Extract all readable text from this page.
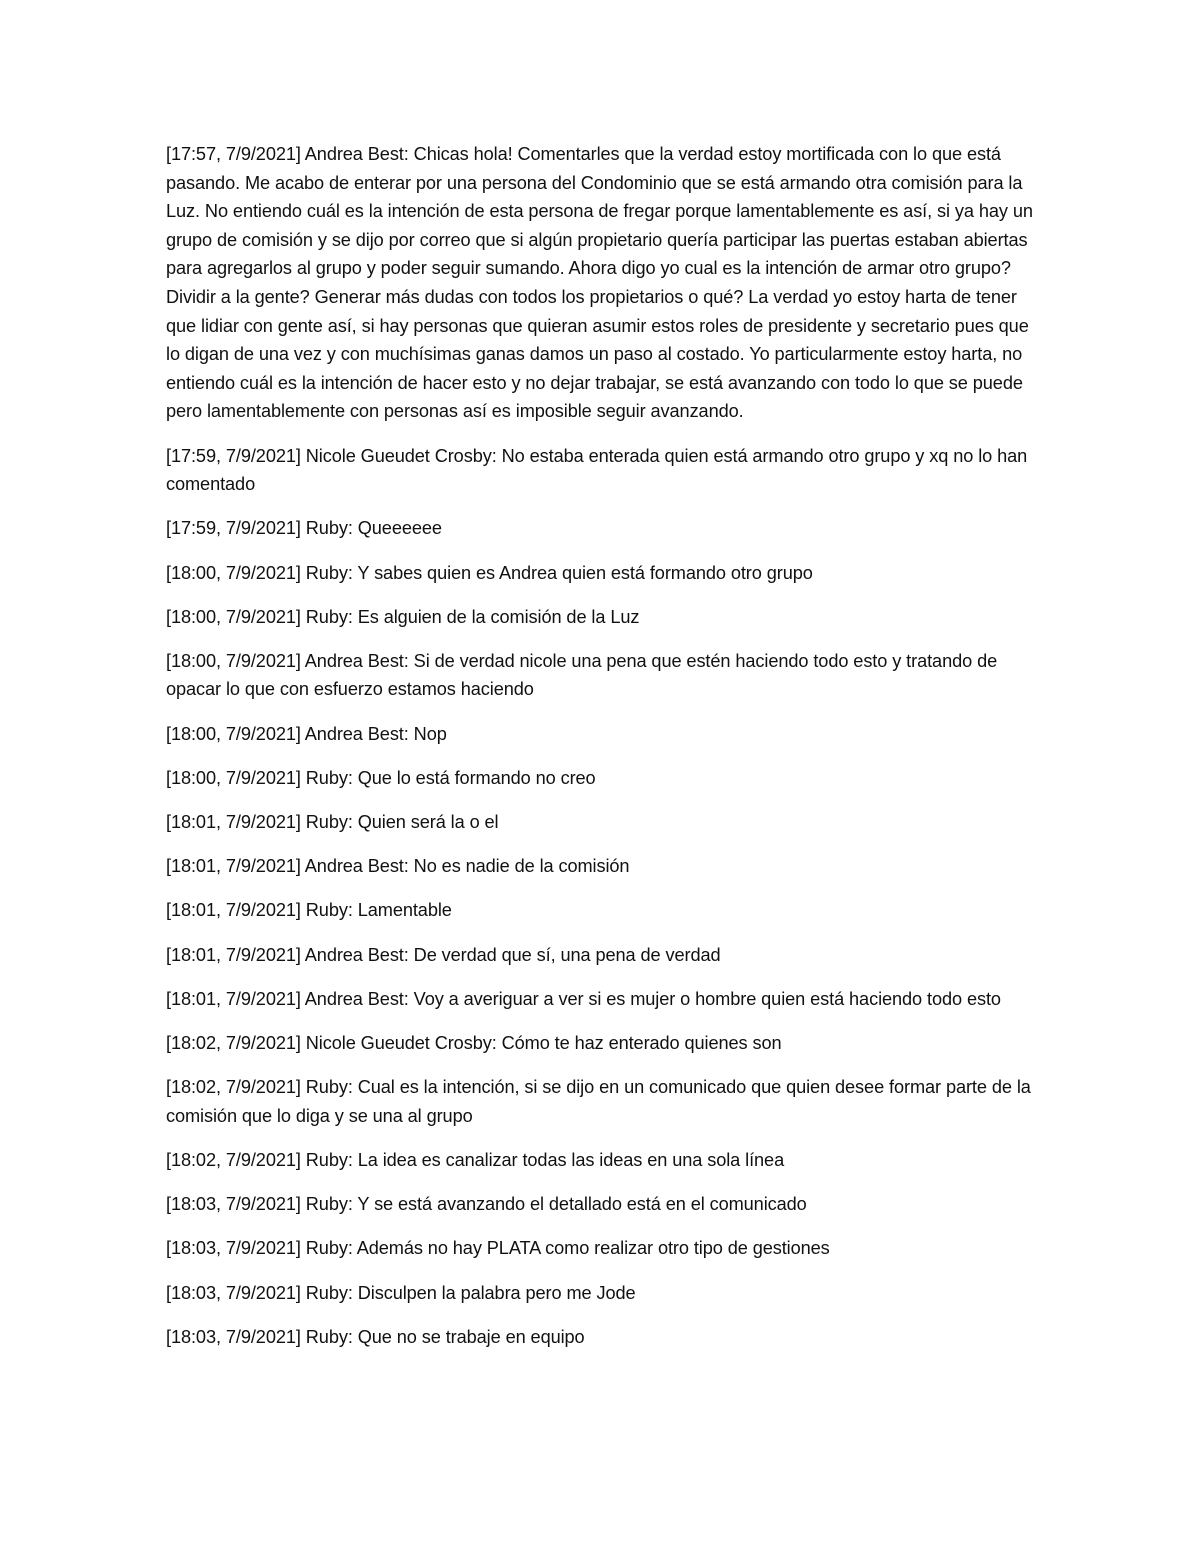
[17:57, 7/9/2021] Andrea Best: Chicas hola! Comentarles que la verdad estoy mortificada con lo que está pasando. Me acabo de enterar por una persona del Condominio que se está armando otra comisión para la Luz. No entiendo cuál es la intención de esta persona de fregar porque lamentablemente es así, si ya hay un grupo de comisión y se dijo por correo que si algún propietario quería participar las puertas estaban abiertas para agregarlos al grupo y poder seguir sumando. Ahora digo yo cual es la intención de armar otro grupo? Dividir a la gente? Generar más dudas con todos los propietarios o qué? La verdad yo estoy harta de tener que lidiar con gente así, si hay personas que quieran asumir estos roles de presidente y secretario pues que lo digan de una vez y con muchísimas ganas damos un paso al costado. Yo particularmente estoy harta, no entiendo cuál es la intención de hacer esto y no dejar trabajar, se está avanzando con todo lo que se puede pero lamentablemente con personas así es imposible seguir avanzando.

[17:59, 7/9/2021] Nicole Gueudet Crosby: No estaba enterada quien está armando otro grupo y xq no lo han comentado

[17:59, 7/9/2021] Ruby: Queeeeee

[18:00, 7/9/2021] Ruby: Y sabes quien es Andrea quien está formando otro grupo

[18:00, 7/9/2021] Ruby: Es alguien de la comisión de la Luz

[18:00, 7/9/2021] Andrea Best: Si de verdad nicole una pena que estén haciendo todo esto y tratando de opacar lo que con esfuerzo estamos haciendo

[18:00, 7/9/2021] Andrea Best: Nop

[18:00, 7/9/2021] Ruby: Que lo está formando no creo

[18:01, 7/9/2021] Ruby: Quien será la o el

[18:01, 7/9/2021] Andrea Best: No es nadie de la comisión

[18:01, 7/9/2021] Ruby: Lamentable

[18:01, 7/9/2021] Andrea Best: De verdad que sí, una pena de verdad

[18:01, 7/9/2021] Andrea Best: Voy a averiguar a ver si es mujer o hombre quien está haciendo todo esto

[18:02, 7/9/2021] Nicole Gueudet Crosby: Cómo te haz enterado quienes son

[18:02, 7/9/2021] Ruby: Cual es la intención, si se dijo en un comunicado que quien desee formar parte de la comisión que lo diga y se una al grupo

[18:02, 7/9/2021] Ruby: La idea es canalizar todas las ideas en una sola línea

[18:03, 7/9/2021] Ruby: Y se está avanzando el detallado está en el comunicado

[18:03, 7/9/2021] Ruby: Además no hay PLATA como realizar otro tipo de gestiones

[18:03, 7/9/2021] Ruby: Disculpen la palabra pero me Jode

[18:03, 7/9/2021] Ruby: Que no se trabaje en equipo
